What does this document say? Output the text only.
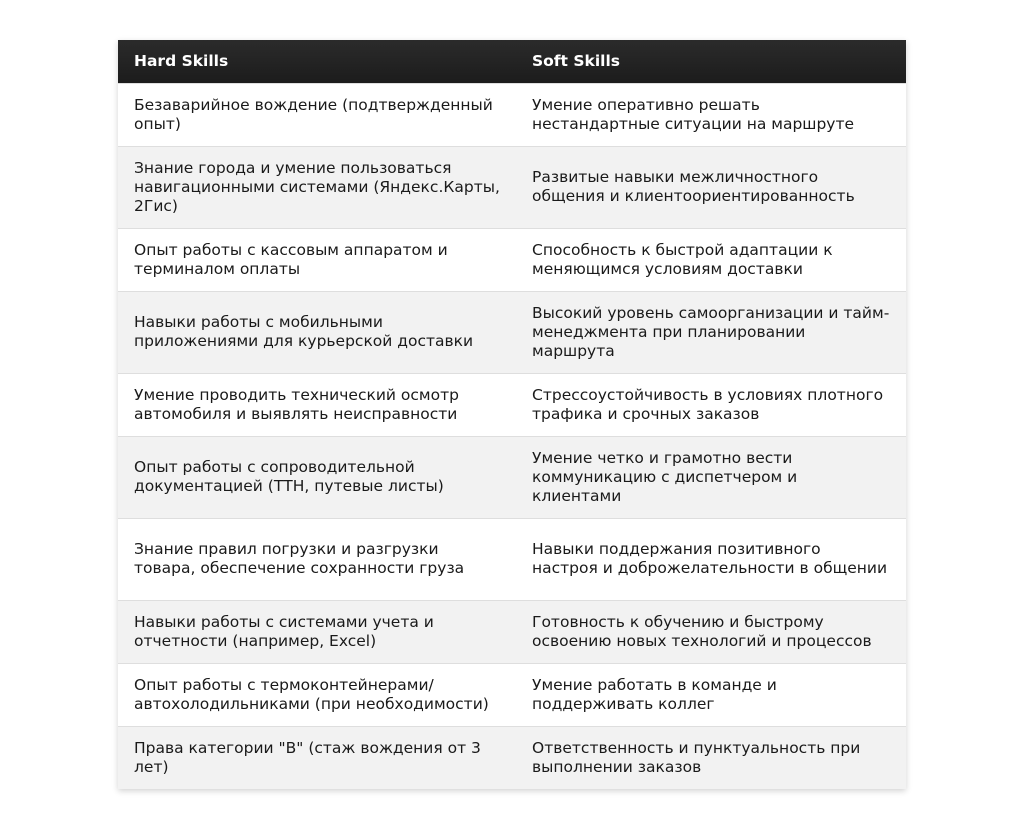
Hard Skills	Soft Skills
Безаварийное вождение (подтвержденный опыт)	Умение оперативно решать нестандартные ситуации на маршруте
Знание города и умение пользоваться навигационными системами (Яндекс.Карты, 2Гис)	Развитые навыки межличностного общения и клиентоориентированность
Опыт работы с кассовым аппаратом и терминалом оплаты	Способность к быстрой адаптации к меняющимся условиям доставки
Навыки работы с мобильными приложениями для курьерской доставки	Высокий уровень самоорганизации и тайм-менеджмента при планировании маршрута
Умение проводить технический осмотр автомобиля и выявлять неисправности	Стрессоустойчивость в условиях плотного трафика и срочных заказов
Опыт работы с сопроводительной документацией (ТТН, путевые листы)	Умение четко и грамотно вести коммуникацию с диспетчером и клиентами
Знание правил погрузки и разгрузки товара, обеспечение сохранности груза	Навыки поддержания позитивного настроя и доброжелательности в общении
Навыки работы с системами учета и отчетности (например, Excel)	Готовность к обучению и быстрому освоению новых технологий и процессов
Опыт работы с термоконтейнерами/ автохолодильниками (при необходимости)	Умение работать в команде и поддерживать коллег
Права категории "B" (стаж вождения от 3 лет)	Ответственность и пунктуальность при выполнении заказов
